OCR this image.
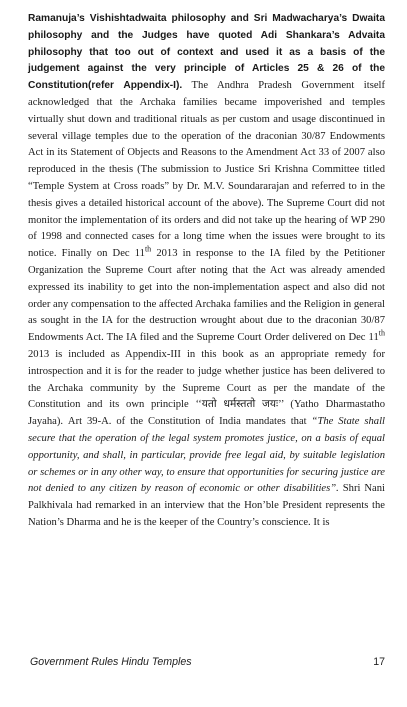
Ramanuja’s Vishishtadwaita philosophy and Sri Madwacharya’s Dwaita philosophy and the Judges have quoted Adi Shankara’s Advaita philosophy that too out of context and used it as a basis of the judgement against the very principle of Articles 25 & 26 of the Constitution(refer Appendix-I). The Andhra Pradesh Government itself acknowledged that the Archaka families became impoverished and temples virtually shut down and traditional rituals as per custom and usage discontinued in several village temples due to the operation of the draconian 30/87 Endowments Act in its Statement of Objects and Reasons to the Amendment Act 33 of 2007 also reproduced in the thesis (The submission to Justice Sri Krishna Committee titled “Temple System at Cross roads” by Dr. M.V. Soundararajan and referred to in the thesis gives a detailed historical account of the above). The Supreme Court did not monitor the implementation of its orders and did not take up the hearing of WP 290 of 1998 and connected cases for a long time when the issues were brought to its notice. Finally on Dec 11th 2013 in response to the IA filed by the Petitioner Organization the Supreme Court after noting that the Act was already amended expressed its inability to get into the non-implementation aspect and also did not order any compensation to the affected Archaka families and the Religion in general as sought in the IA for the destruction wrought about due to the draconian 30/87 Endowments Act. The IA filed and the Supreme Court Order delivered on Dec 11th 2013 is included as Appendix-III in this book as an appropriate remedy for introspection and it is for the reader to judge whether justice has been delivered to the Archaka community by the Supreme Court as per the mandate of the Constitution and its own principle ‘‘यतो धर्मस्ततो जयः’’ (Yatho Dharmastatho Jayaha). Art 39-A. of the Constitution of India mandates that “The State shall secure that the operation of the legal system promotes justice, on a basis of equal opportunity, and shall, in particular, provide free legal aid, by suitable legislation or schemes or in any other way, to ensure that opportunities for securing justice are not denied to any citizen by reason of economic or other disabilities”. Shri Nani Palkhivala had remarked in an interview that the Hon’ble President represents the Nation’s Dharma and he is the keeper of the Country’s conscience. It is

Government Rules Hindu Temples	17
